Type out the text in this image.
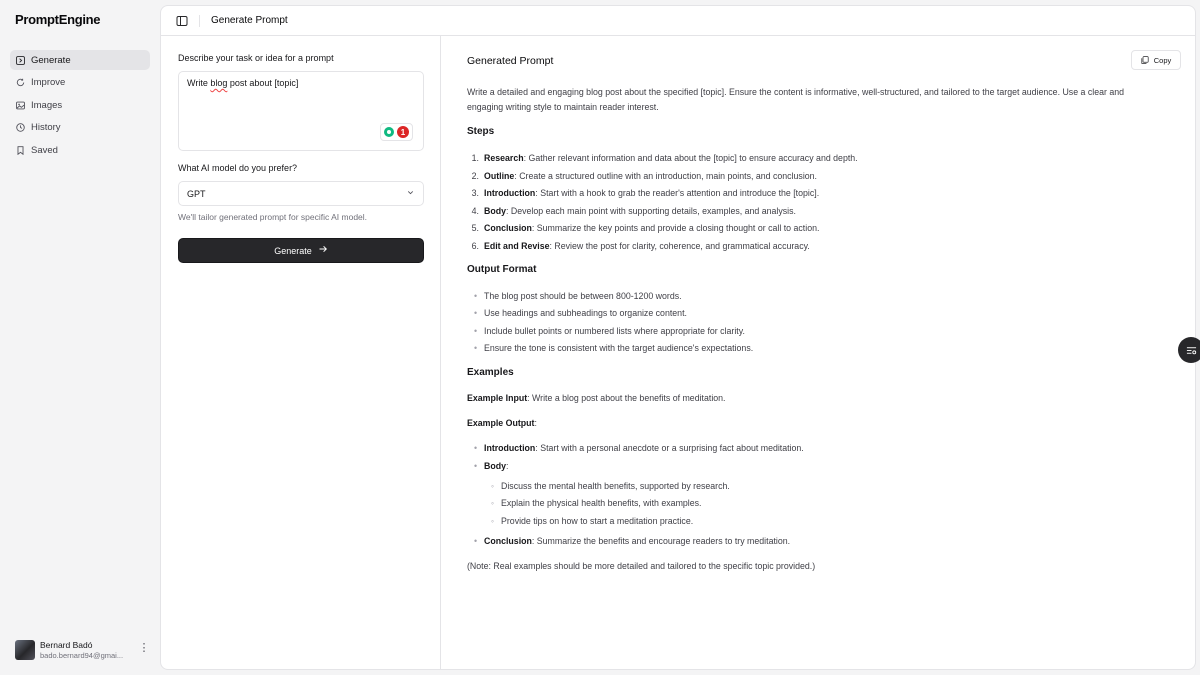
PromptEngine
Generate
Improve
Images
History
Saved
Bernard Badó
bado.bernard94@gmai...
⋮
Generate Prompt
Describe your task or idea for a prompt
Write blog post about [topic]
1
What AI model do you prefer?
GPT
We'll tailor generated prompt for specific AI model.
Generate
Generated Prompt	Copy
Write a detailed and engaging blog post about the specified [topic]. Ensure the content is informative, well-structured, and tailored to the target audience. Use a clear and
engaging writing style to maintain reader interest.
Steps
1. Research: Gather relevant information and data about the [topic] to ensure accuracy and depth.
2. Outline: Create a structured outline with an introduction, main points, and conclusion.
3. Introduction: Start with a hook to grab the reader's attention and introduce the [topic].
4. Body: Develop each main point with supporting details, examples, and analysis.
5. Conclusion: Summarize the key points and provide a closing thought or call to action.
6. Edit and Revise: Review the post for clarity, coherence, and grammatical accuracy.
Output Format
• The blog post should be between 800-1200 words.
• Use headings and subheadings to organize content.
• Include bullet points or numbered lists where appropriate for clarity.
• Ensure the tone is consistent with the target audience's expectations.
Examples
Example Input: Write a blog post about the benefits of meditation.
Example Output:
• Introduction: Start with a personal anecdote or a surprising fact about meditation.
• Body:
◦ Discuss the mental health benefits, supported by research.
◦ Explain the physical health benefits, with examples.
◦ Provide tips on how to start a meditation practice.
• Conclusion: Summarize the benefits and encourage readers to try meditation.
(Note: Real examples should be more detailed and tailored to the specific topic provided.)
